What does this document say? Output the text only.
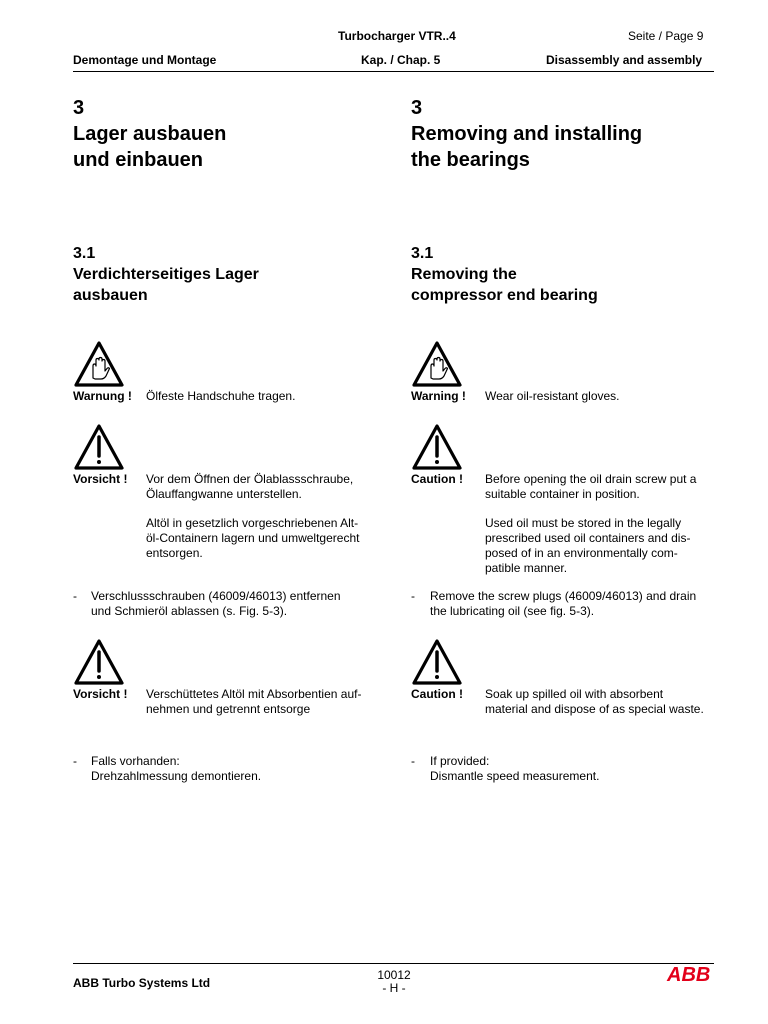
Turbocharger VTR..4	Seite / Page 9
Demontage und Montage	Kap. / Chap. 5	Disassembly and assembly
3
Lager ausbauen
und einbauen
3.1
Verdichterseitiges Lager
ausbauen
Warnung ! Ölfeste Handschuhe tragen.
Vorsicht ! Vor dem Öffnen der Ölablassschraube,
Ölauffangwanne unterstellen.
Altöl in gesetzlich vorgeschriebenen Alt-
öl-Containern lagern und umweltgerecht
entsorgen.
- Verschlussschrauben (46009/46013) entfernen
und Schmieröl ablassen (s. Fig. 5-3).
Vorsicht ! Verschüttetes Altöl mit Absorbentien auf-
nehmen und getrennt entsorge
- Falls vorhanden:
Drehzahlmessung demontieren.
3
Removing and installing
the bearings
3.1
Removing the
compressor end bearing
Warning ! Wear oil-resistant gloves.
Caution ! Before opening the oil drain screw put a
suitable container in position.
Used oil must be stored in the legally
prescribed used oil containers and dis-
posed of in an environmentally com-
patible manner.
- Remove the screw plugs (46009/46013) and drain
the lubricating oil (see fig. 5-3).
Caution ! Soak up spilled oil with absorbent
material and dispose of as special waste.
- If provided:
Dismantle speed measurement.
ABB Turbo Systems Ltd
10012
- H -
ABB
